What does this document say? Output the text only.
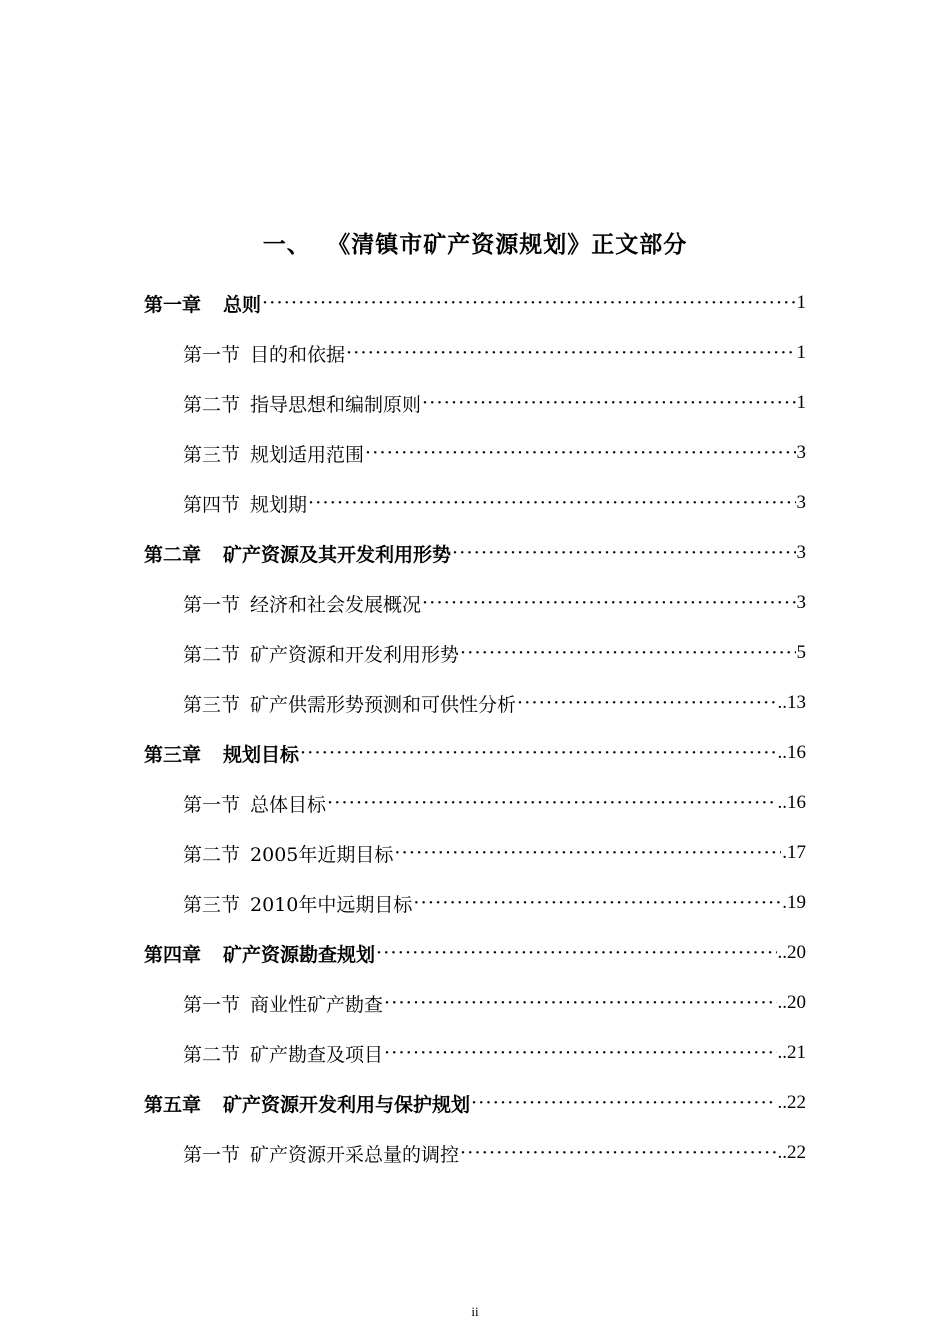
一、 《清镇市矿产资源规划》正文部分
第一章 总则 ·····	1
第一节 目的和依据 ·····	1
第二节 指导思想和编制原则 ·····	1
第三节 规划适用范围 ·····	3
第四节 规划期 ·····	3
第二章 矿产资源及其开发利用形势 ·····	3
第一节 经济和社会发展概况 ·····	3
第二节 矿产资源和开发利用形势 ·····	5
第三节 矿产供需形势预测和可供性分析 ·····	..13
第三章 规划目标 ·····	..16
第一节 总体目标 ·····	..16
第二节 2005年近期目标 ·····	.17
第三节 2010年中远期目标 ·····	.19
第四章 矿产资源勘查规划 ·····	..20
第一节 商业性矿产勘查 ·····	..20
第二节 矿产勘查及项目 ·····	..21
第五章 矿产资源开发利用与保护规划 ·····	..22
第一节 矿产资源开采总量的调控 ·····	..22
ii
